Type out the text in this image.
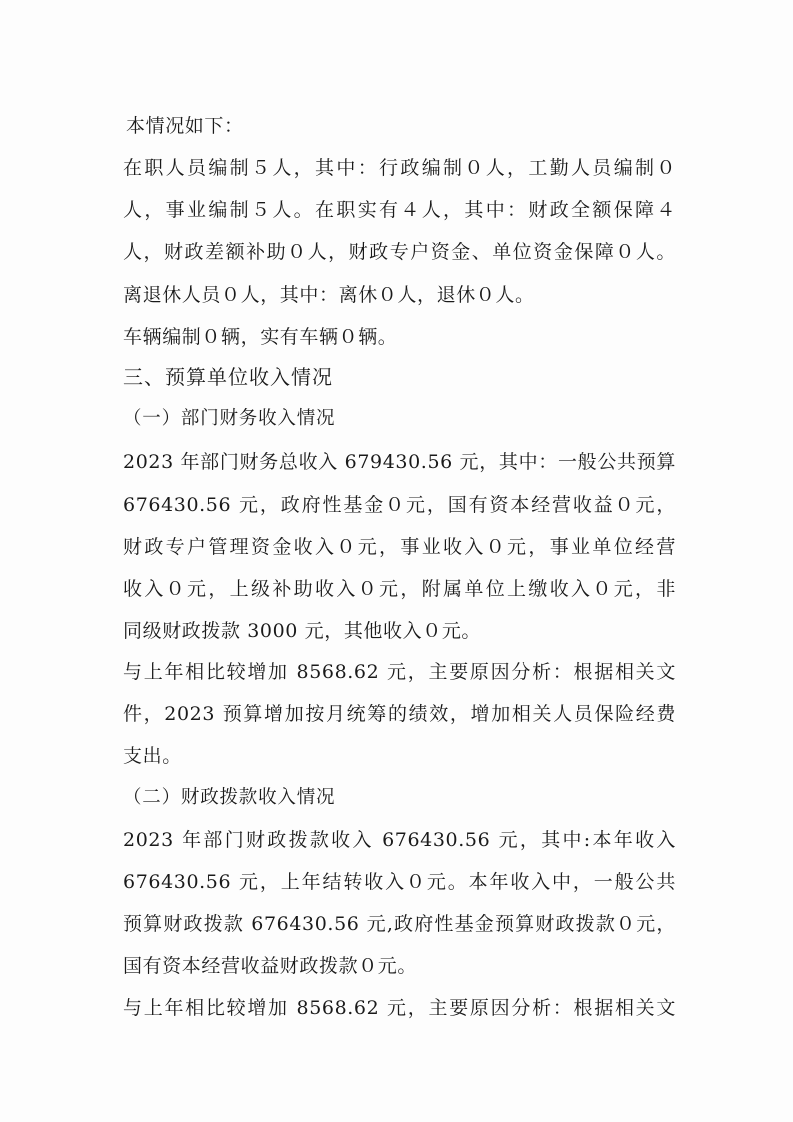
本情况如下：
在职人员编制５人，其中：行政编制０人，工勤人员编制０
人，事业编制５人。在职实有４人，其中：财政全额保障４
人，财政差额补助０人，财政专户资金、单位资金保障０人。
离退休人员０人，其中：离休０人，退休０人。
车辆编制０辆，实有车辆０辆。
三、预算单位收入情况
（一）部门财务收入情况
2023 年部门财务总收入 679430.56 元，其中：一般公共预算
676430.56 元，政府性基金０元，国有资本经营收益０元，
财政专户管理资金收入０元，事业收入０元，事业单位经营
收入０元，上级补助收入０元，附属单位上缴收入０元，非
同级财政拨款 3000 元，其他收入０元。
与上年相比较增加 8568.62 元，主要原因分析：根据相关文
件，2023 预算增加按月统筹的绩效，增加相关人员保险经费
支出。
（二）财政拨款收入情况
2023 年部门财政拨款收入 676430.56 元，其中:本年收入
676430.56 元，上年结转收入０元。本年收入中，一般公共
预算财政拨款 676430.56 元,政府性基金预算财政拨款０元，
国有资本经营收益财政拨款０元。
与上年相比较增加 8568.62 元，主要原因分析：根据相关文
